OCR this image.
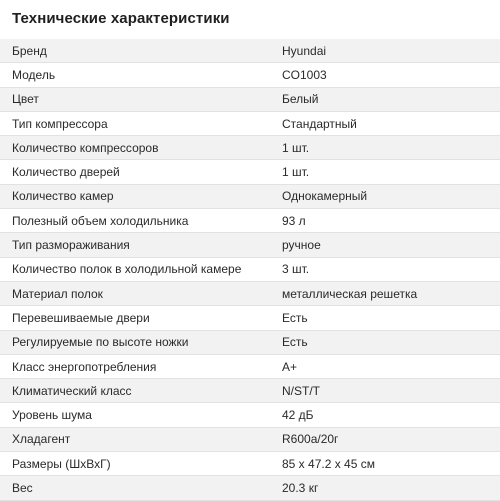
Технические характеристики
Бренд	Hyundai
Модель	CO1003
Цвет	Белый
Тип компрессора	Стандартный
Количество компрессоров	1 шт.
Количество дверей	1 шт.
Количество камер	Однокамерный
Полезный объем холодильника	93 л
Тип размораживания	ручное
Количество полок в холодильной камере	3 шт.
Материал полок	металлическая решетка
Перевешиваемые двери	Есть
Регулируемые по высоте ножки	Есть
Класс энергопотребления	A+
Климатический класс	N/ST/T
Уровень шума	42 дБ
Хладагент	R600a/20г
Размеры (ШхВхГ)	85 х 47.2 х 45 см
Вес	20.3 кг
